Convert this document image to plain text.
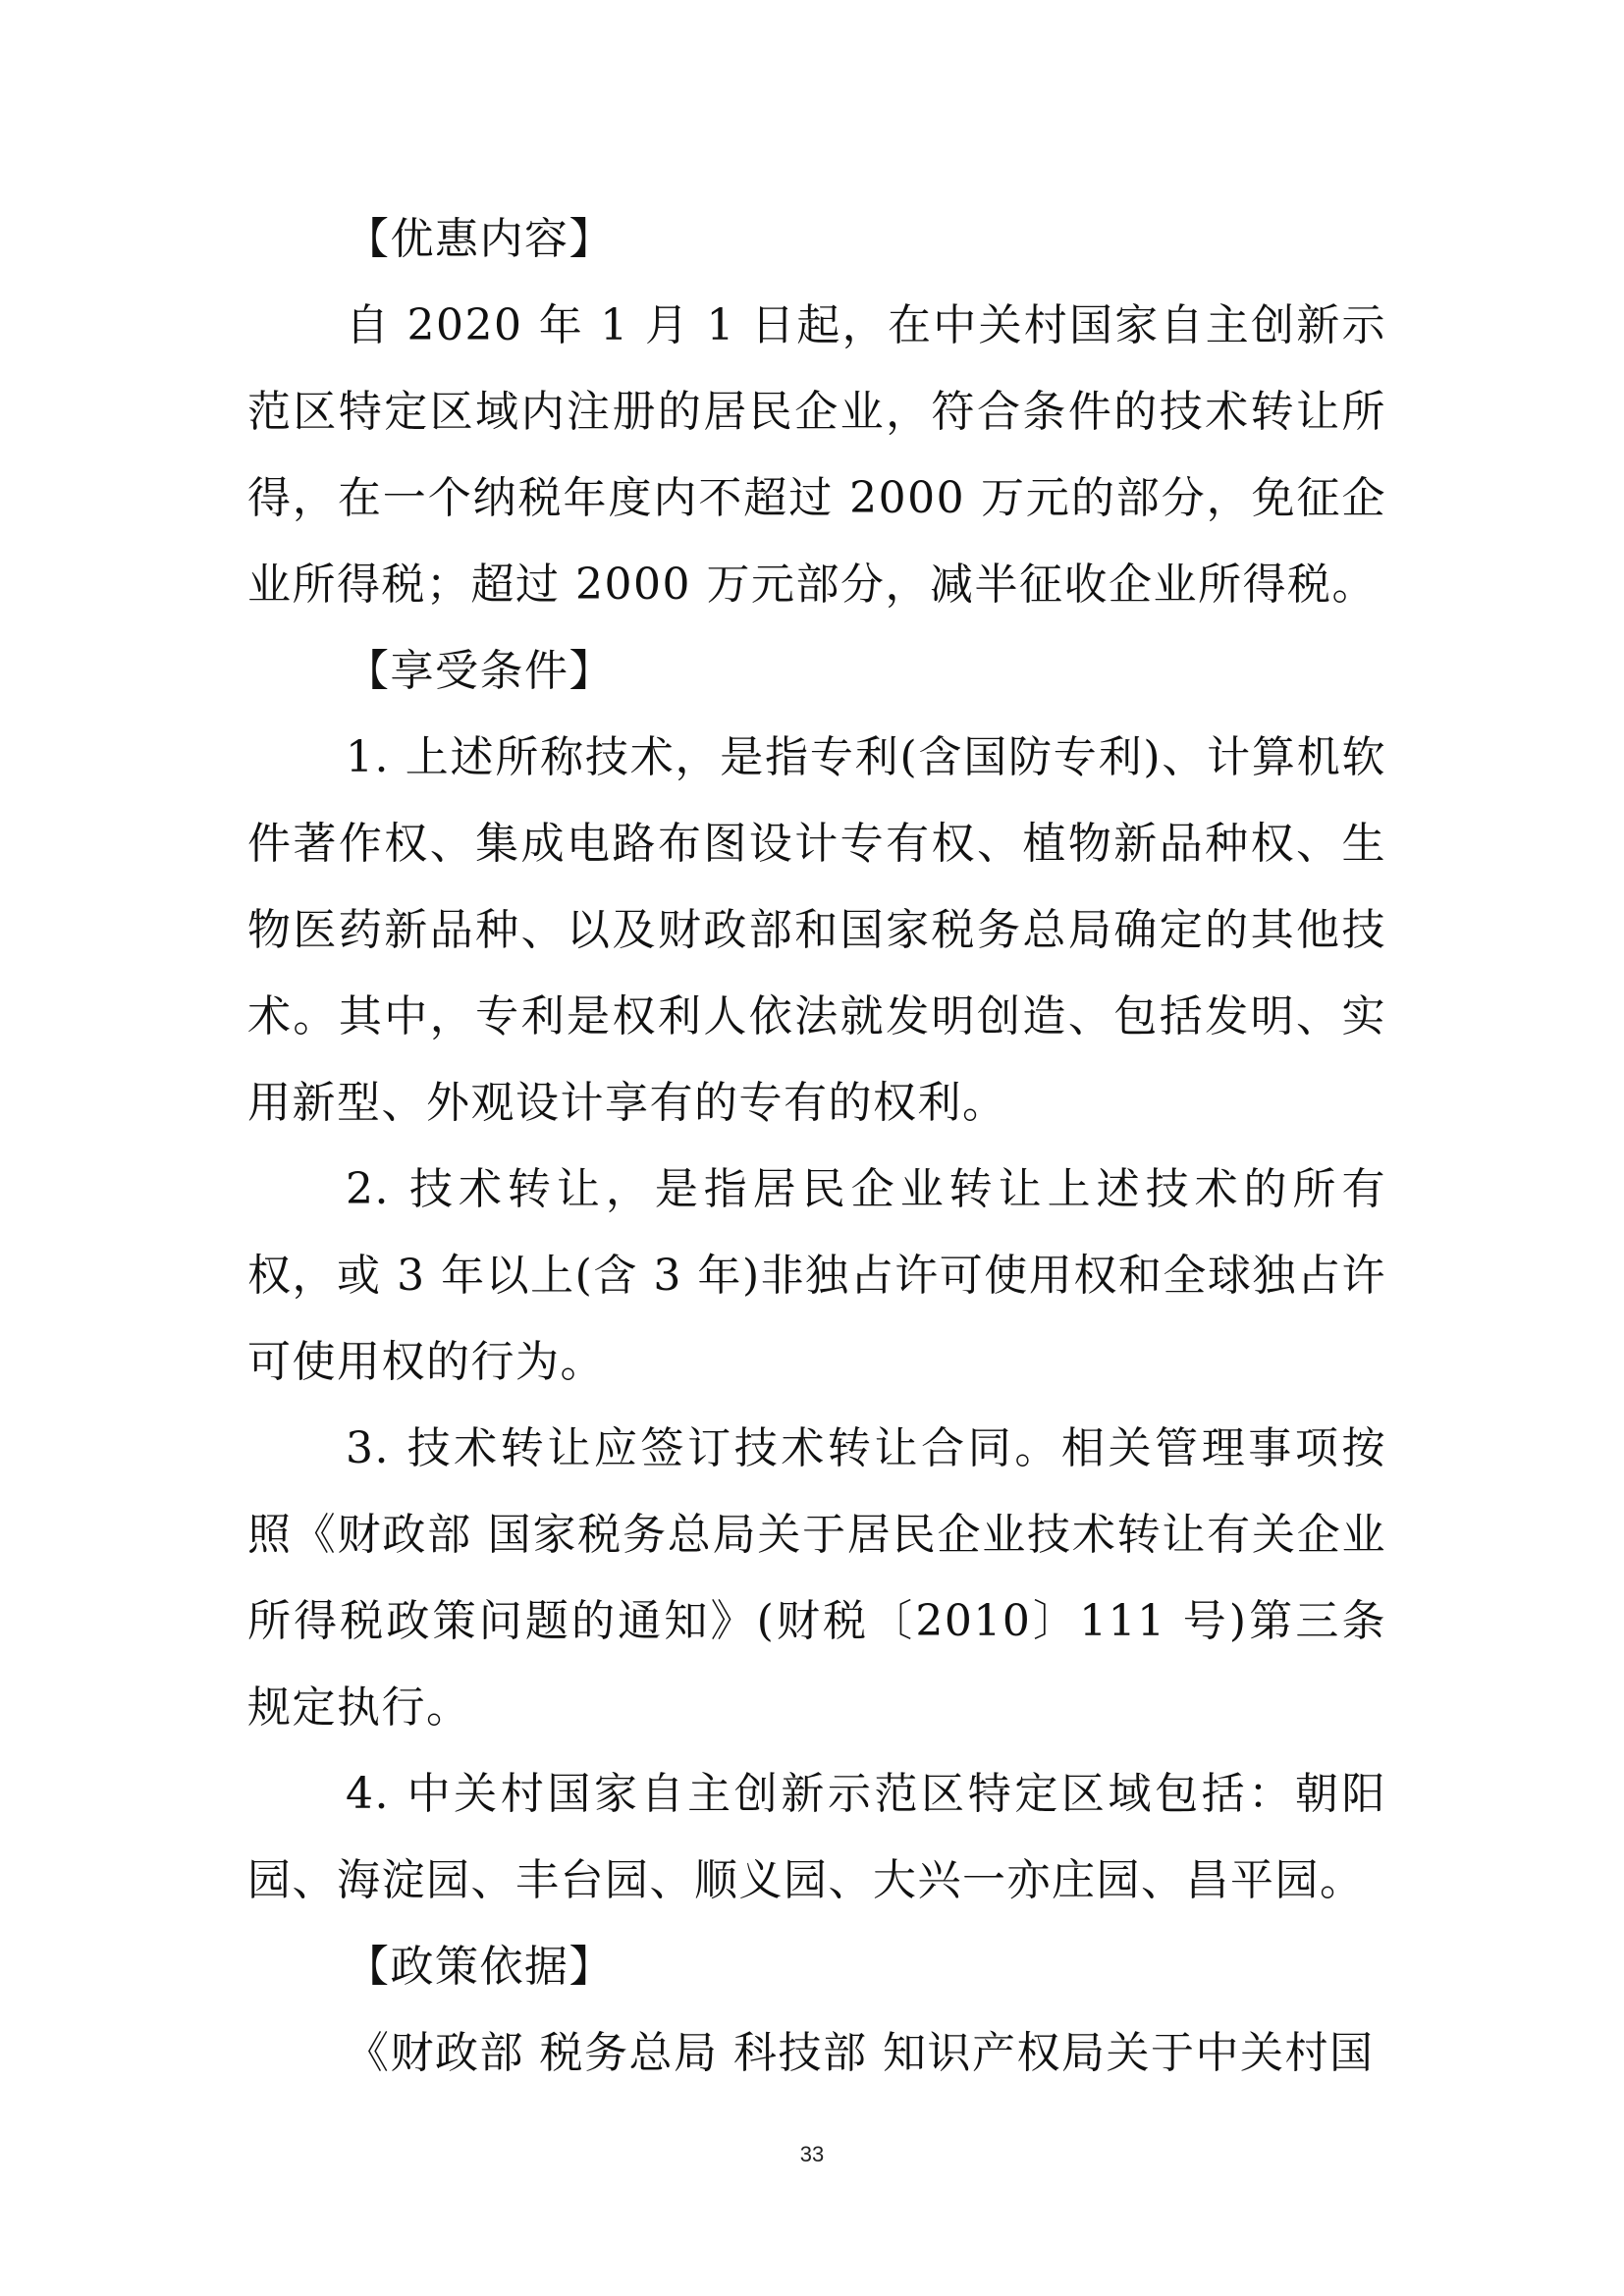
【优惠内容】

自 2020 年 1 月 1 日起，在中关村国家自主创新示范区特定区域内注册的居民企业，符合条件的技术转让所得，在一个纳税年度内不超过 2000 万元的部分，免征企业所得税；超过 2000 万元部分，减半征收企业所得税。

【享受条件】

1. 上述所称技术，是指专利(含国防专利)、计算机软件著作权、集成电路布图设计专有权、植物新品种权、生物医药新品种、以及财政部和国家税务总局确定的其他技术。其中，专利是权利人依法就发明创造、包括发明、实用新型、外观设计享有的专有的权利。

2. 技术转让，是指居民企业转让上述技术的所有权，或 3 年以上(含 3 年)非独占许可使用权和全球独占许可使用权的行为。

3. 技术转让应签订技术转让合同。相关管理事项按照《财政部 国家税务总局关于居民企业技术转让有关企业所得税政策问题的通知》(财税〔2010〕111 号)第三条规定执行。

4. 中关村国家自主创新示范区特定区域包括：朝阳园、海淀园、丰台园、顺义园、大兴一亦庄园、昌平园。

【政策依据】

《财政部 税务总局 科技部 知识产权局关于中关村国

33
